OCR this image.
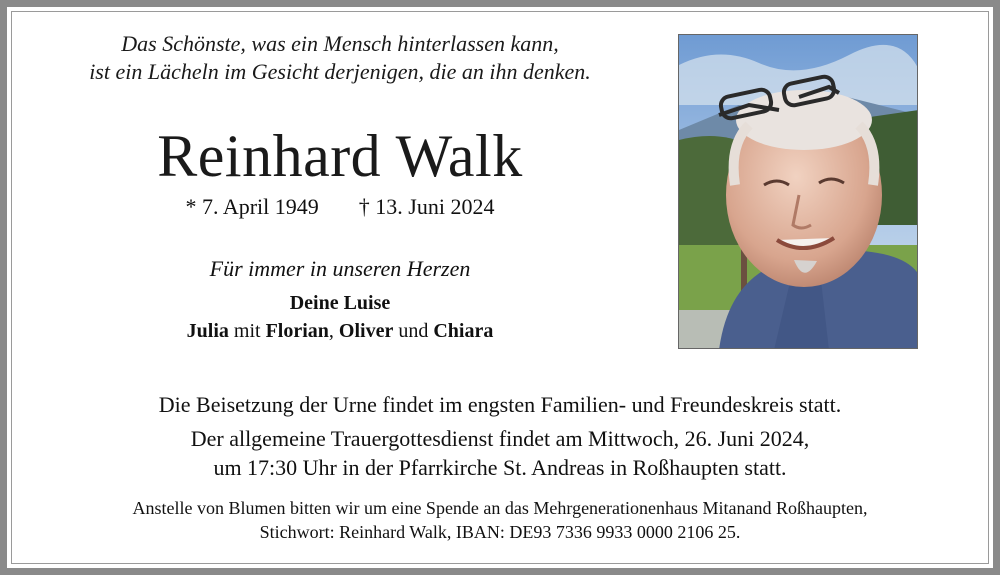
Das Schönste, was ein Mensch hinterlassen kann,
ist ein Lächeln im Gesicht derjenigen, die an ihn denken.
Reinhard Walk
* 7. April 1949 † 13. Juni 2024
Für immer in unseren Herzen
Deine Luise
Julia mit Florian, Oliver und Chiara
Die Beisetzung der Urne findet im engsten Familien- und Freundeskreis statt.
Der allgemeine Trauergottesdienst findet am Mittwoch, 26. Juni 2024,
um 17:30 Uhr in der Pfarrkirche St. Andreas in Roßhaupten statt.
Anstelle von Blumen bitten wir um eine Spende an das Mehrgenerationenhaus Mitanand Roßhaupten,
Stichwort: Reinhard Walk, IBAN: DE93 7336 9933 0000 2106 25.
